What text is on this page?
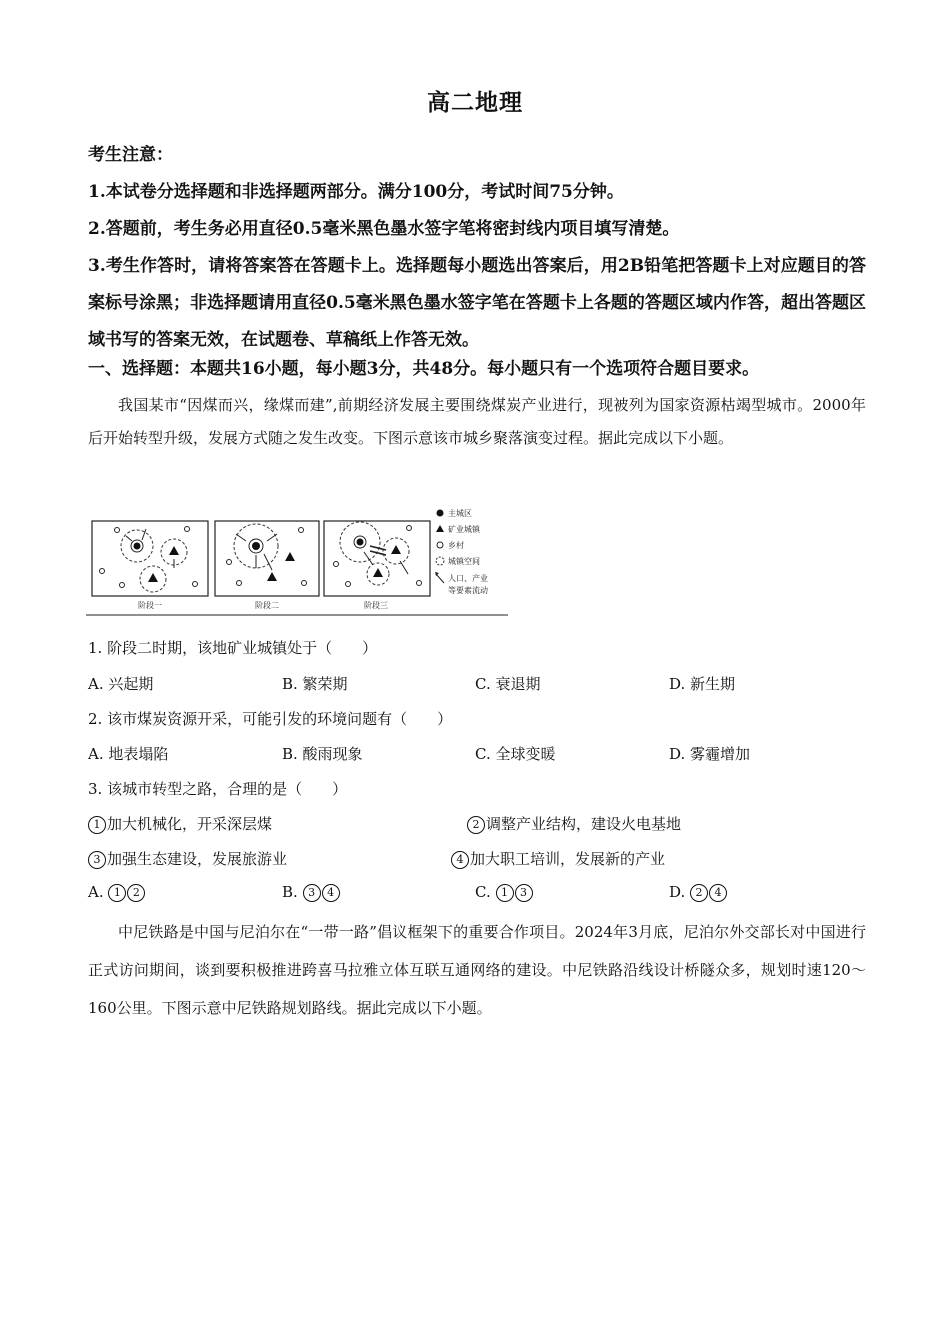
高二地理
考生注意：
1.本试卷分选择题和非选择题两部分。满分100分，考试时间75分钟。
2.答题前，考生务必用直径0.5毫米黑色墨水签字笔将密封线内项目填写清楚。
3.考生作答时，请将答案答在答题卡上。选择题每小题选出答案后，用2B铅笔把答题卡上对应题目的答案标号涂黑；非选择题请用直径0.5毫米黑色墨水签字笔在答题卡上各题的答题区域内作答，超出答题区域书写的答案无效，在试题卷、草稿纸上作答无效。
一、选择题：本题共16小题，每小题3分，共48分。每小题只有一个选项符合题目要求。
我国某市“因煤而兴，缘煤而建”,前期经济发展主要围绕煤炭产业进行，现被列为国家资源枯竭型城市。2000年后开始转型升级，发展方式随之发生改变。下图示意该市城乡聚落演变过程。据此完成以下小题。
阶段一	阶段二	阶段三
主城区
矿业城镇
乡村
城镇空间
人口、产业
等要素流动
1. 阶段二时期，该地矿业城镇处于（　　）
A. 兴起期	B. 繁荣期	C. 衰退期	D. 新生期
2. 该市煤炭资源开采，可能引发的环境问题有（　　）
A. 地表塌陷	B. 酸雨现象	C. 全球变暖	D. 雾霾增加
3. 该城市转型之路，合理的是（　　）
1 加大机械化，开采深层煤	2 调整产业结构，建设火电基地
3 加强生态建设，发展旅游业	4 加大职工培训，发展新的产业
A. 1 2	B. 3 4	C. 1 3	D. 2 4
中尼铁路是中国与尼泊尔在“一带一路”倡议框架下的重要合作项目。2024年3月底，尼泊尔外交部长对中国进行正式访问期间，谈到要积极推进跨喜马拉雅立体互联互通网络的建设。中尼铁路沿线设计桥隧众多，规划时速120～160公里。下图示意中尼铁路规划路线。据此完成以下小题。
